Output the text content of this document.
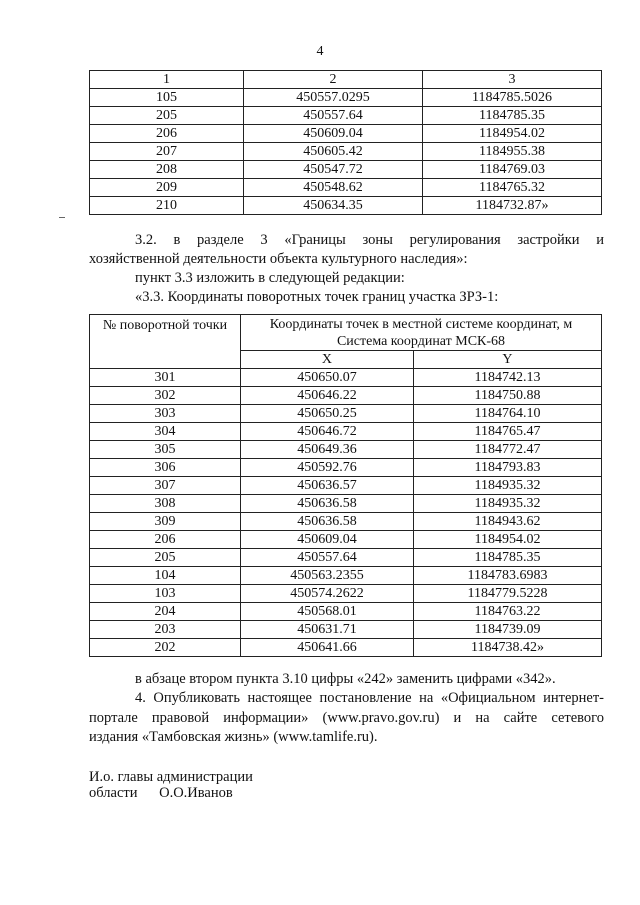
4
1	2	3
105	450557.0295	1184785.5026
205	450557.64	1184785.35
206	450609.04	1184954.02
207	450605.42	1184955.38
208	450547.72	1184769.03
209	450548.62	1184765.32
210	450634.35	1184732.87»

3.2. в разделе 3 «Границы зоны регулирования застройки и

хозяйственной деятельности объекта культурного наследия»:

пункт 3.3 изложить в следующей редакции:

«3.3. Координаты поворотных точек границ участка ЗРЗ-1:

№ поворотной точки	Координаты точек в местной системе координат, м
Система координат МСК-68	

	X	Y
301	450650.07	1184742.13
302	450646.22	1184750.88
303	450650.25	1184764.10
304	450646.72	1184765.47
305	450649.36	1184772.47
306	450592.76	1184793.83
307	450636.57	1184935.32
308	450636.58	1184935.32
309	450636.58	1184943.62
206	450609.04	1184954.02
205	450557.64	1184785.35
104	450563.2355	1184783.6983
103	450574.2622	1184779.5228
204	450568.01	1184763.22
203	450631.71	1184739.09
202	450641.66	1184738.42»

в абзаце втором пункта 3.10 цифры «242» заменить цифрами «342».

4. Опубликовать настоящее постановление на «Официальном интернет-

портале правовой информации» (www.pravo.gov.ru) и на сайте сетевого

издания «Тамбовская жизнь» (www.tamlife.ru).

И.о. главы администрации
области О.О.Иванов
